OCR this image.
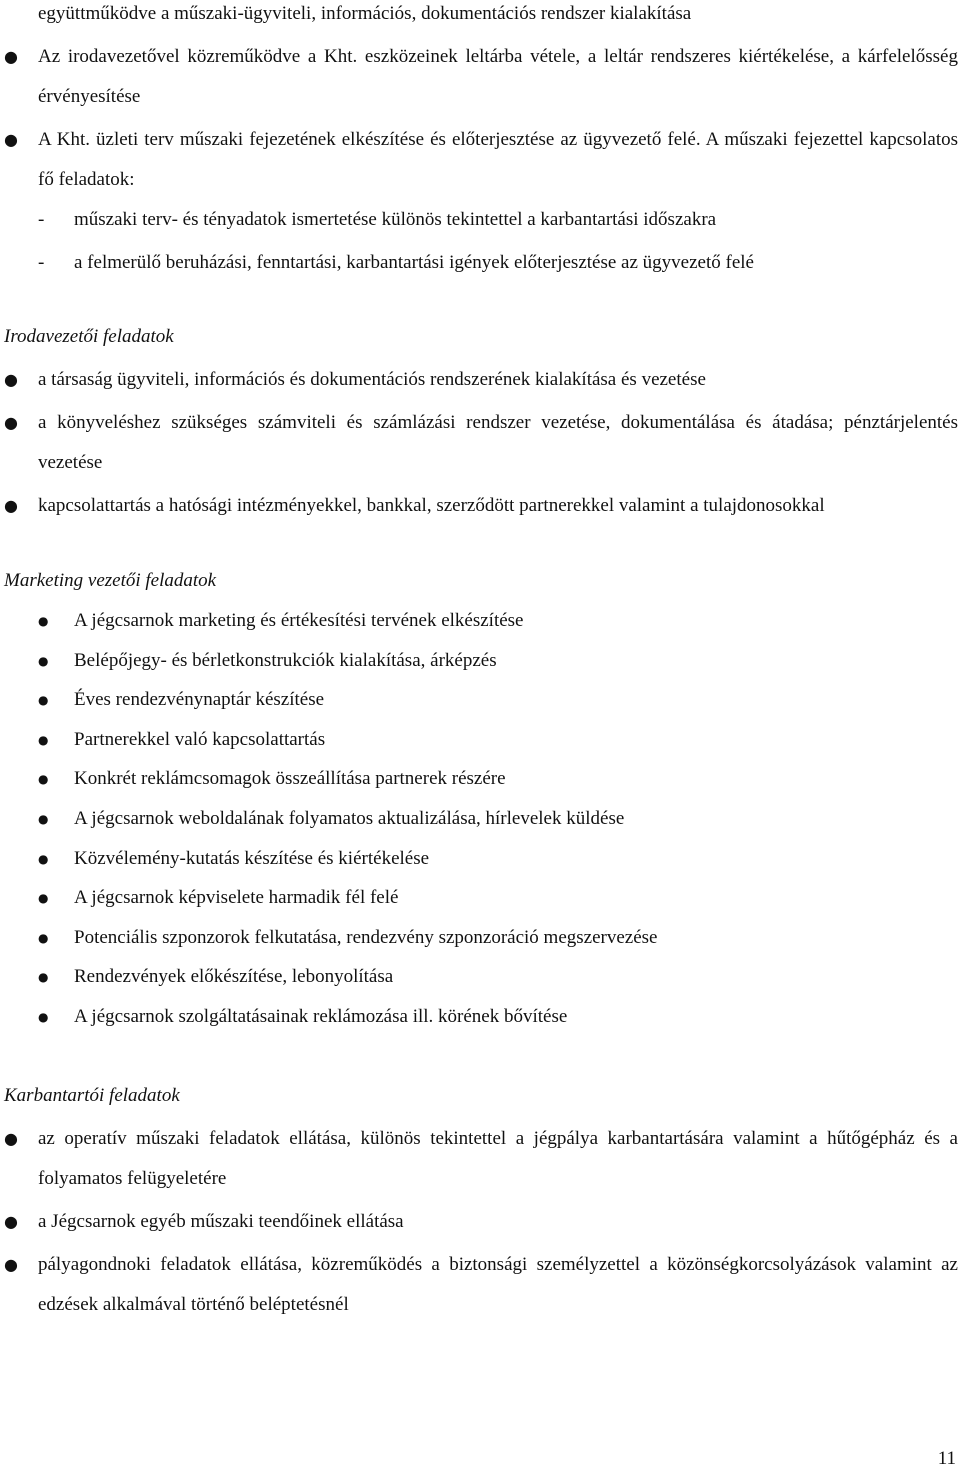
együttműködve a műszaki-ügyviteli, információs, dokumentációs rendszer kialakítása
●	Az irodavezetővel közreműködve a Kht. eszközeinek leltárba vétele, a leltár rendszeres kiértékelése, a kárfelelősség érvényesítése
●	A Kht. üzleti terv műszaki fejezetének elkészítése és előterjesztése az ügyvezető felé. A műszaki fejezettel kapcsolatos fő feladatok:
- műszaki terv- és tényadatok ismertetése különös tekintettel a karbantartási időszakra
- a felmerülő beruházási, fenntartási, karbantartási igények előterjesztése az ügyvezető felé
Irodavezetői feladatok
●	a társaság ügyviteli, információs és dokumentációs rendszerének kialakítása és vezetése
●	a könyveléshez szükséges számviteli és számlázási rendszer vezetése, dokumentálása és átadása; pénztárjelentés vezetése
●	kapcsolattartás a hatósági intézményekkel, bankkal, szerződött partnerekkel valamint a tulajdonosokkal
Marketing vezetői feladatok
● A jégcsarnok marketing és értékesítési tervének elkészítése
● Belépőjegy- és bérletkonstrukciók kialakítása, árképzés
● Éves rendezvénynaptár készítése
● Partnerekkel való kapcsolattartás
● Konkrét reklámcsomagok összeállítása partnerek részére
● A jégcsarnok weboldalának folyamatos aktualizálása, hírlevelek küldése
● Közvélemény-kutatás készítése és kiértékelése
● A jégcsarnok képviselete harmadik fél felé
● Potenciális szponzorok felkutatása, rendezvény szponzoráció megszervezése
● Rendezvények előkészítése, lebonyolítása
● A jégcsarnok szolgáltatásainak reklámozása ill. körének bővítése
Karbantartói feladatok
●	az operatív műszaki feladatok ellátása, különös tekintettel a jégpálya karbantartására valamint a hűtőgépház és a folyamatos felügyeletére
●	a Jégcsarnok egyéb műszaki teendőinek ellátása
●	pályagondnoki feladatok ellátása, közreműködés a biztonsági személyzettel a közönségkorcsolyázások valamint az edzések alkalmával történő beléptetésnél
11
